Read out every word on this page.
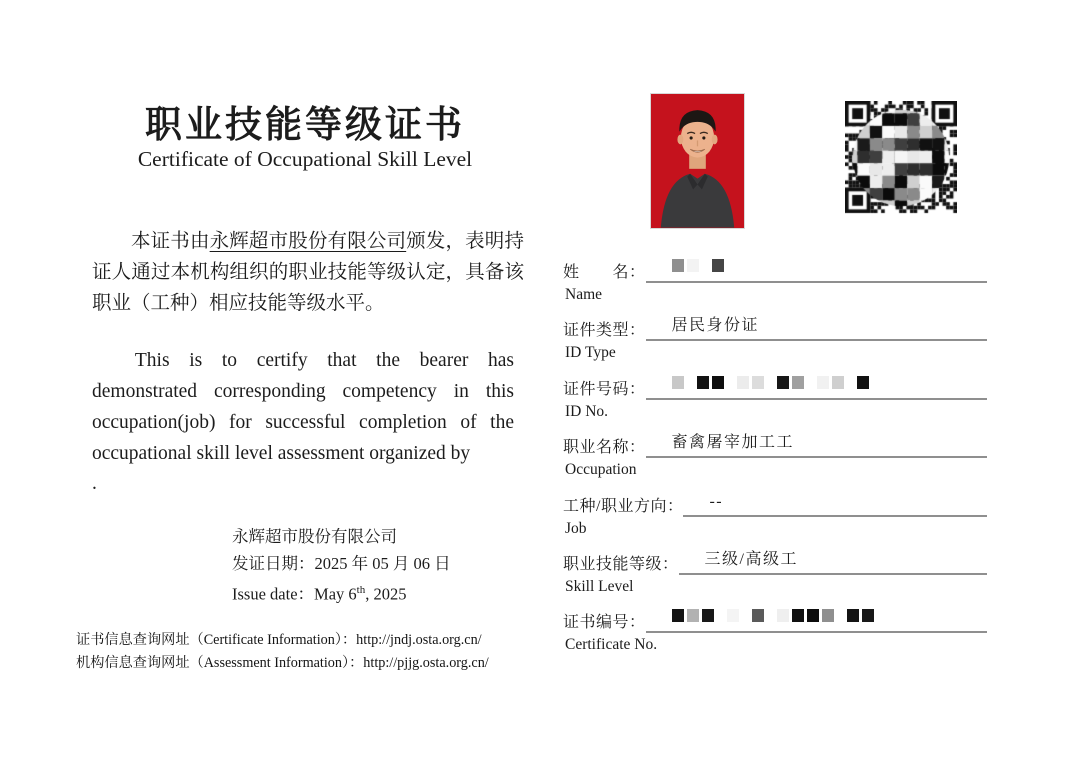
职业技能等级证书
Certificate of Occupational Skill Level

本证书由永辉超市股份有限公司颁发，表明持证人通过本机构组织的职业技能等级认定，具备该职业（工种）相应技能等级水平。

This is to certify that the bearer has demonstrated corresponding competency in this occupation(job) for successful completion of the occupational skill level assessment organized by

.
永辉超市股份有限公司
发证日期：2025 年 05 月 06 日
Issue date：May 6th, 2025
证书信息查询网址（Certificate Information）：http://jndj.osta.org.cn/
机构信息查询网址（Assessment Information）：http://pjjg.osta.org.cn/
姓　　名：
Name
证件类型：	居民身份证
ID Type
证件号码：
ID No.
职业名称：	畜禽屠宰加工工
Occupation
工种/职业方向：	--
Job
职业技能等级：	三级/高级工
Skill Level
证书编号：
Certificate No.
